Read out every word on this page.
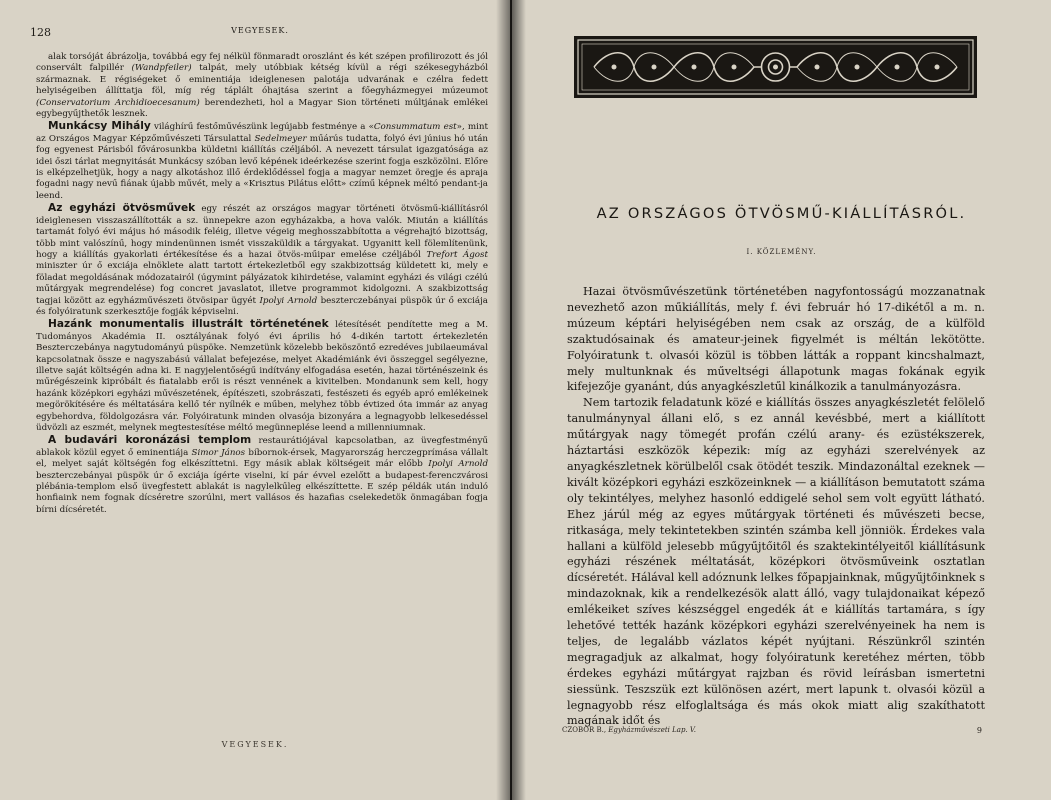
128	VEGYESEK.

alak torsóját ábrázolja, továbbá egy fej nélkül fönmaradt oroszlánt és két szépen profilirozott és jól conservált falpillér (Wandpfeiler) talpát, mely utóbbiak kétség kívül a régi székesegyházból származnak. E régiségeket ő eminentiája ideiglenesen palotája udvarának e czélra fedett helyiségeiben állíttatja föl, míg rég táplált óhajtása szerint a főegyházmegyei múzeumot (Conservatorium Archidioecesanum) berendezheti, hol a Magyar Sion történeti múltjának emlékei egybegyűjthetők lesznek.

Munkácsy Mihály világhírű festőművészünk legújabb festménye a «Consummatum est», mint az Országos Magyar Képzőművészeti Társulattal Sedelmeyer műárús tudatta, folyó évi június hó után fog egyenest Párisból fővárosunkba küldetni kiállítás czéljából. A nevezett társulat igazgatósága az idei őszi tárlat megnyitását Munkácsy szóban levő képének ideérkezése szerint fogja eszközölni. Előre is elképzelhetjük, hogy a nagy alkotáshoz illő érdeklődéssel fogja a magyar nemzet öregje és apraja fogadni nagy nevű fiának újabb művét, mely a «Krisztus Pilátus előtt» czímű képnek méltó pendant-ja leend.

Az egyházi ötvösművek egy részét az országos magyar történeti ötvösmű-kiállításról ideiglenesen visszaszállították a sz. ünnepekre azon egyházakba, a hova valók. Miután a kiállítás tartamát folyó évi május hó második feléig, illetve végeig meghosszabbította a végrehajtó bizottság, több mint valószínű, hogy mindenünnen ismét visszaküldik a tárgyakat. Ugyanitt kell fölemlítenünk, hogy a kiállítás gyakorlati értékesítése és a hazai ötvös-műipar emelése czéljából Trefort Ágost miniszter úr ő exciája elnöklete alatt tartott értekezletből egy szakbizottság küldetett ki, mely e föladat megoldásának módozatairól (úgymint pályázatok kihirdetése, valamint egyházi és világi czélú műtárgyak megrendelése) fog concret javaslatot, illetve programmot kidolgozni. A szakbizottság tagjai között az egyházművészeti ötvösipar ügyét Ipolyi Arnold beszterczebányai püspök úr ő exciája és folyóiratunk szerkesztője fogják képviselni.

Hazánk monumentalis illustrált történetének létesítését pendítette meg a M. Tudományos Akadémia II. osztályának folyó évi április hó 4-dikén tartott értekezletén Beszterczebánya nagytudományú püspöke. Nemzetünk közelebb beköszöntő ezredéves jubilaeumával kapcsolatnak össze e nagyszabású vállalat befejezése, melyet Akadémiánk évi összeggel segélyezne, illetve saját költségén adna ki. E nagyjelentőségű indítvány elfogadása esetén, hazai történészeink és műrégészeink kipróbált és fiatalabb erői is részt vennének a kivitelben. Mondanunk sem kell, hogy hazánk középkori egyházi művészetének, építészeti, szobrászati, festészeti és egyéb apró emlékeinek megörökítésére és méltatására kellő tér nyílnék e műben, melyhez több évtized óta immár az anyag egybehordva, földolgozásra vár. Folyóiratunk minden olvasója bizonyára a legnagyobb lelkesedéssel üdvözli az eszmét, melynek megtestesítése méltó megünneplése leend a millenniumnak.

A budavári koronázási templom restaurátiójával kapcsolatban, az üvegfestményű ablakok közül egyet ő eminentiája Simor János bíbornok-érsek, Magyarország herczegprímása vállalt el, melyet saját költségén fog elkészíttetni. Egy másik ablak költségeit már előbb Ipolyi Arnold beszterczebányai püspök úr ő exciája ígérte viselni, kí pár évvel ezelőtt a budapest-ferenczvárosi plébánia-templom első üvegfestett ablakát is nagylelkűleg elkészíttette. E szép példák után induló honfiaink nem fognak dícséretre szorúlni, mert vallásos és hazafias cselekedetök önmagában fogja bírni dícséretét.

VEGYESEK.
AZ ORSZÁGOS ÖTVÖSMŰ-KIÁLLÍTÁSRÓL.
I. KÖZLEMÉNY.

Hazai ötvösművészetünk történetében nagyfontosságú mozzanatnak nevezhető azon műkiállítás, mely f. évi február hó 17-dikétől a m. n. múzeum képtári helyiségében nem csak az ország, de a külföld szaktudósainak és amateur-jeinek figyelmét is méltán lekötötte. Folyóiratunk t. olvasói közül is többen látták a roppant kincshalmazt, mely multunknak és műveltségi állapotunk magas fokának egyik kifejezője gyanánt, dús anyagkészletűl kinálkozik a tanulmányozásra.

Nem tartozik feladatunk közé e kiállítás összes anyagkészletét felölelő tanulmánynyal állani elő, s ez annál kevésbbé, mert a kiállított műtárgyak nagy tömegét profán czélú arany- és ezüstékszerek, háztartási eszközök képezik: míg az egyházi szerelvények az anyagkészletnek körülbelől csak ötödét teszik. Mindazonáltal ezeknek — kivált középkori egyházi eszközeinknek — a kiállításon bemutatott száma oly tekintélyes, melyhez hasonló eddigelé sehol sem volt együtt látható. Ehez járúl még az egyes műtárgyak történeti és művészeti becse, ritkasága, mely tekintetekben szintén számba kell jönniök. Érdekes vala hallani a külföld jelesebb műgyűjtőitől és szaktekintélyeitől kiállításunk egyházi részének méltatását, középkori ötvösműveink osztatlan dícséretét. Hálával kell adóznunk lelkes főpapjainknak, műgyűjtőinknek s mindazoknak, kik a rendelkezésök alatt álló, vagy tulajdonaikat képező emlékeiket szíves készséggel engedék át e kiállítás tartamára, s így lehetővé tették hazánk középkori egyházi szerelvényeinek ha nem is teljes, de legalább vázlatos képét nyújtani. Részünkről szintén megragadjuk az alkalmat, hogy folyóiratunk keretéhez mérten, több érdekes egyházi műtárgyat rajzban és rövid leírásban ismertetni siessünk. Teszszük ezt különösen azért, mert lapunk t. olvasói közül a legnagyobb rész elfoglaltsága és más okok miatt alig szakíthatott magának időt és

CZOBOR B., Egyházművészeti Lap. V.	9
